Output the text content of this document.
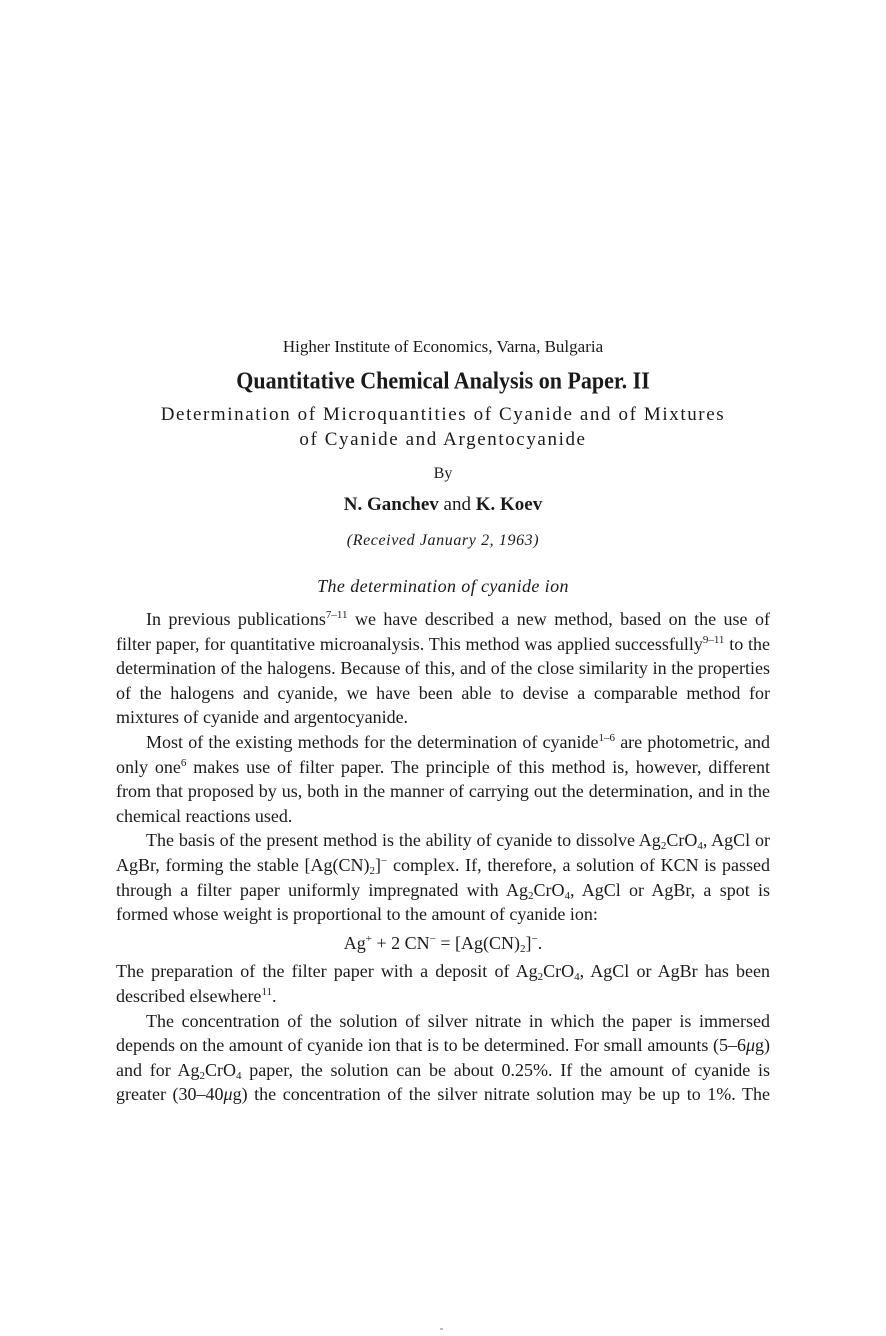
Higher Institute of Economics, Varna, Bulgaria
Quantitative Chemical Analysis on Paper. II
Determination of Microquantities of Cyanide and of Mixtures
of Cyanide and Argentocyanide
By
N. Ganchev and K. Koev
(Received January 2, 1963)
The determination of cyanide ion

In previous publications$^{7-11}$ we have described a new method, based on the use of filter paper, for quantitative microanalysis. This method was applied successfully$^{9-11}$ to the determination of the halogens. Because of this, and of the close similarity in the properties of the halogens and cyanide, we have been able to devise a comparable method for mixtures of cyanide and argentocyanide.

Most of the existing methods for the determination of cyanide$^{1-6}$ are photometric, and only one$^6$ makes use of filter paper. The principle of this method is, however, different from that proposed by us, both in the manner of carrying out the determination, and in the chemical reactions used.

The basis of the present method is the ability of cyanide to dissolve $Ag_2CrO_4$, AgCl or AgBr, forming the stable $[Ag(CN)_2]^-$ complex. If, therefore, a solution of KCN is passed through a filter paper uniformly impregnated with $Ag_2CrO_4$, AgCl or AgBr, a spot is formed whose weight is proportional to the amount of cyanide ion:

Ag+ + 2 $CN^- = [Ag(CN)_2]^-$.

The preparation of the filter paper with a deposit of $Ag_2CrO_4$, AgCl or AgBr has been described elsewhere$^{11}$.

The concentration of the solution of silver nitrate in which the paper is immersed depends on the amount of cyanide ion that is to be determined. For small amounts (5–6μg) and for $Ag_2CrO_4$ paper, the solution can be about 0.25%. If the amount of cyanide is greater (30–40μg) the concentration of the silver nitrate solution may be up to 1%. The
